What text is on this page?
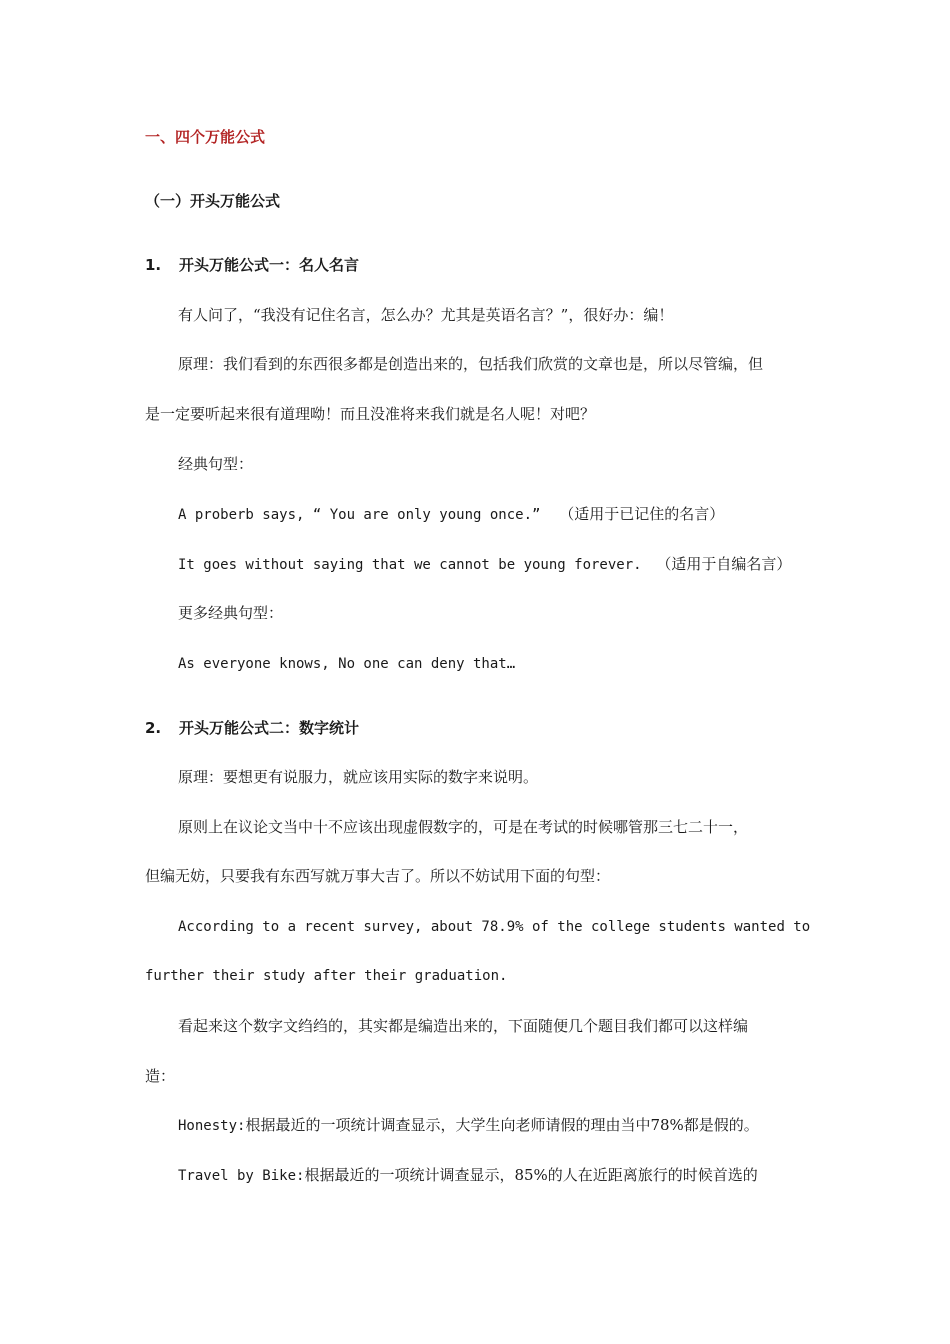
一、四个万能公式
（一）开头万能公式
1. 开头万能公式一：名人名言
有人问了，“我没有记住名言，怎么办？尤其是英语名言？”，很好办：编！
原理：我们看到的东西很多都是创造出来的，包括我们欣赏的文章也是，所以尽管编，但
是一定要听起来很有道理呦！而且没准将来我们就是名人呢！对吧？
经典句型：
A proberb says, “ You are only young once.” （适用于已记住的名言）
It goes without saying that we cannot be young forever. （适用于自编名言）
更多经典句型：
As everyone knows, No one can deny that…
2. 开头万能公式二：数字统计
原理：要想更有说服力，就应该用实际的数字来说明。
原则上在议论文当中十不应该出现虚假数字的，可是在考试的时候哪管那三七二十一，
但编无妨，只要我有东西写就万事大吉了。所以不妨试用下面的句型：
According to a recent survey, about 78.9% of the college students wanted to
further their study after their graduation.
看起来这个数字文绉绉的，其实都是编造出来的，下面随便几个题目我们都可以这样编
造：
Honesty:根据最近的一项统计调查显示，大学生向老师请假的理由当中78%都是假的。
Travel by Bike:根据最近的一项统计调查显示，85%的人在近距离旅行的时候首选的
